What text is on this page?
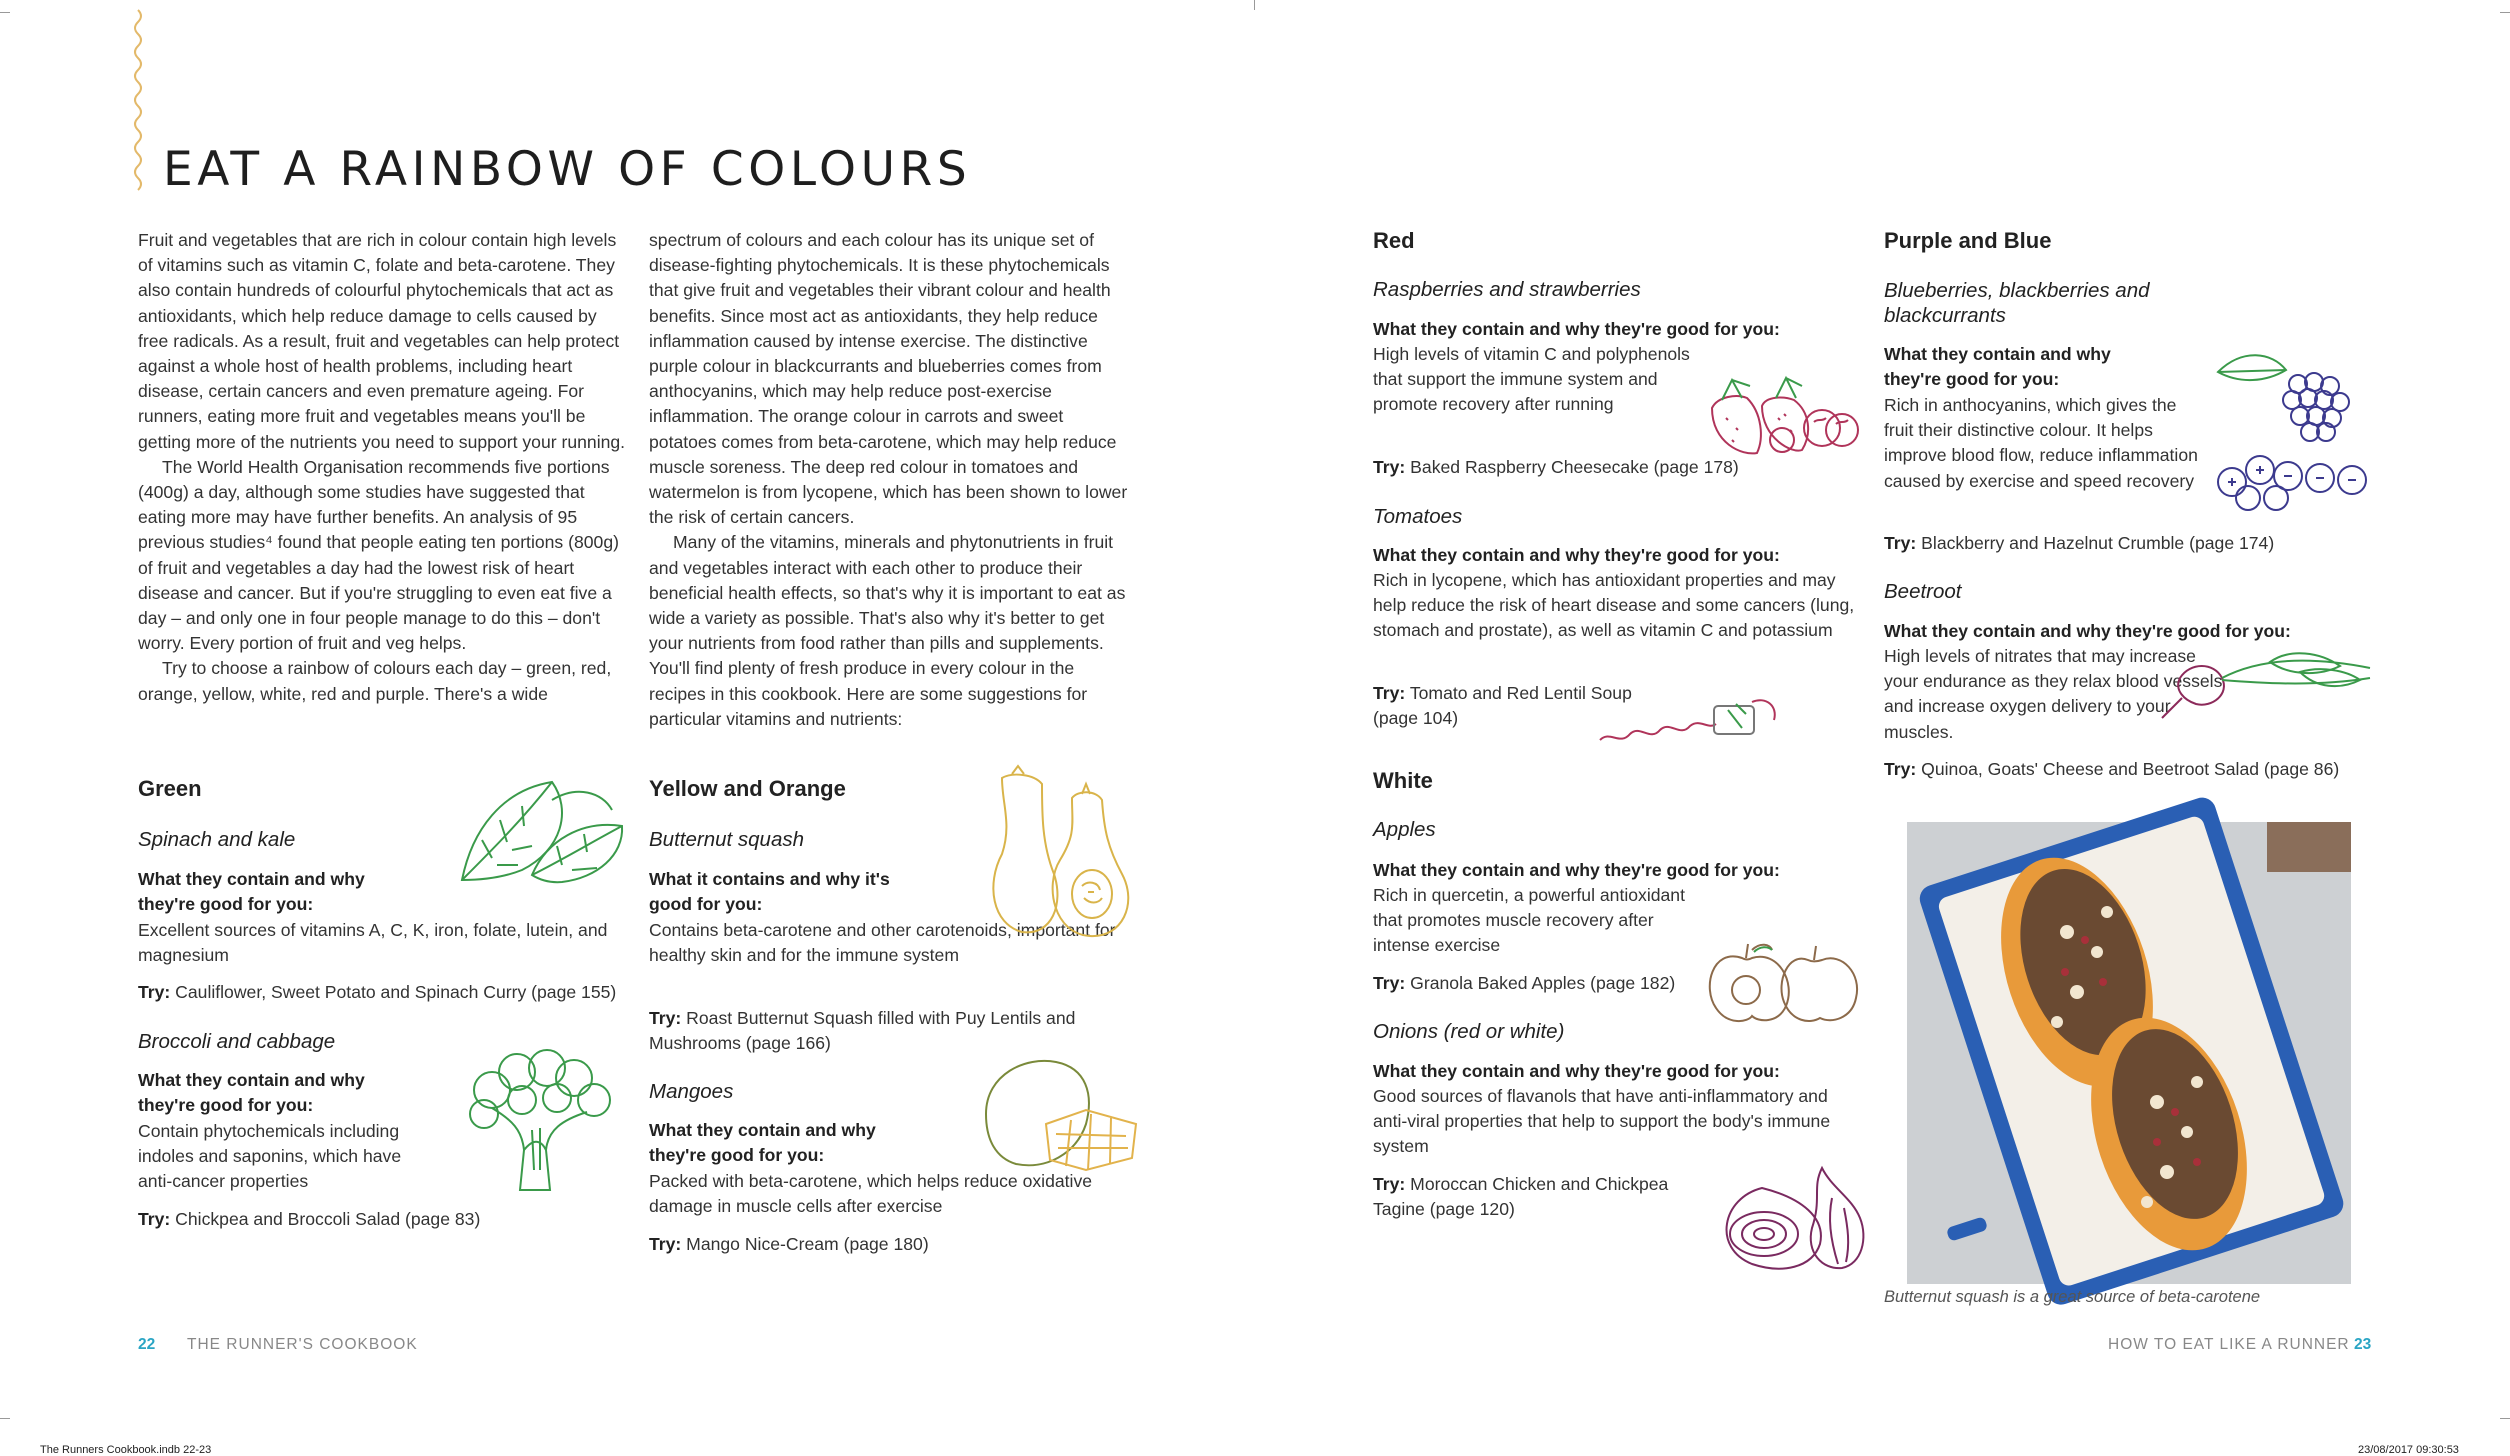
EAT A RAINBOW OF COLOURS

Fruit and vegetables that are rich in colour contain high levels of vitamins such as vitamin C, folate and beta-carotene. They also contain hundreds of colourful phytochemicals that act as antioxidants, which help reduce damage to cells caused by free radicals. As a result, fruit and vegetables can help protect against a whole host of health problems, including heart disease, certain cancers and even premature ageing. For runners, eating more fruit and vegetables means you'll be getting more of the nutrients you need to support your running.

The World Health Organisation recommends five portions (400g) a day, although some studies have suggested that eating more may have further benefits. An analysis of 95 previous studies⁴ found that people eating ten portions (800g) of fruit and vegetables a day had the lowest risk of heart disease and cancer. But if you're struggling to even eat five a day – and only one in four people manage to do this – don't worry. Every portion of fruit and veg helps.

Try to choose a rainbow of colours each day – green, red, orange, yellow, white, red and purple. There's a wide

spectrum of colours and each colour has its unique set of disease-fighting phytochemicals. It is these phytochemicals that give fruit and vegetables their vibrant colour and health benefits. Since most act as antioxidants, they help reduce inflammation caused by intense exercise. The distinctive purple colour in blackcurrants and blueberries comes from anthocyanins, which may help reduce post-exercise inflammation. The orange colour in carrots and sweet potatoes comes from beta-carotene, which may help reduce muscle soreness. The deep red colour in tomatoes and watermelon is from lycopene, which has been shown to lower the risk of certain cancers.

Many of the vitamins, minerals and phytonutrients in fruit and vegetables interact with each other to produce their beneficial health effects, so that's why it is important to eat as wide a variety as possible. That's also why it's better to get your nutrients from food rather than pills and supplements. You'll find plenty of fresh produce in every colour in the recipes in this cookbook. Here are some suggestions for particular vitamins and nutrients:

Green
Spinach and kale
What they contain and why they're good for you:
Excellent sources of vitamins A, C, K, iron, folate, lutein, and magnesium
Try: Cauliflower, Sweet Potato and Spinach Curry (page 155)
Broccoli and cabbage
What they contain and why they're good for you:
Contain phytochemicals including indoles and saponins, which have anti-cancer properties
Try: Chickpea and Broccoli Salad (page 83)
Yellow and Orange
Butternut squash
What it contains and why it's good for you:
Contains beta-carotene and other carotenoids, important for healthy skin and for the immune system
Try: Roast Butternut Squash filled with Puy Lentils and Mushrooms (page 166)
Mangoes
What they contain and why they're good for you:
Packed with beta-carotene, which helps reduce oxidative damage in muscle cells after exercise
Try: Mango Nice-Cream (page 180)
Red
Raspberries and strawberries
What they contain and why they're good for you:
High levels of vitamin C and polyphenols that support the immune system and promote recovery after running
Try: Baked Raspberry Cheesecake (page 178)
Tomatoes
What they contain and why they're good for you:
Rich in lycopene, which has antioxidant properties and may help reduce the risk of heart disease and some cancers (lung, stomach and prostate), as well as vitamin C and potassium
Try: Tomato and Red Lentil Soup (page 104)
White
Apples
What they contain and why they're good for you:
Rich in quercetin, a powerful antioxidant that promotes muscle recovery after intense exercise
Try: Granola Baked Apples (page 182)
Onions (red or white)
What they contain and why they're good for you:
Good sources of flavanols that have anti-inflammatory and anti-viral properties that help to support the body's immune system
Try: Moroccan Chicken and Chickpea Tagine (page 120)
Purple and Blue
Blueberries, blackberries and blackcurrants
What they contain and why they're good for you:
Rich in anthocyanins, which gives the fruit their distinctive colour. It helps improve blood flow, reduce inflammation caused by exercise and speed recovery
Try: Blackberry and Hazelnut Crumble (page 174)
Beetroot
What they contain and why they're good for you:
High levels of nitrates that may increase your endurance as they relax blood vessels and increase oxygen delivery to your muscles.
Try: Quinoa, Goats' Cheese and Beetroot Salad (page 86)
Butternut squash is a great source of beta-carotene
22 THE RUNNER'S COOKBOOK	HOW TO EAT LIKE A RUNNER 23
The Runners Cookbook.indb 22-23	23/08/2017 09:30:53
